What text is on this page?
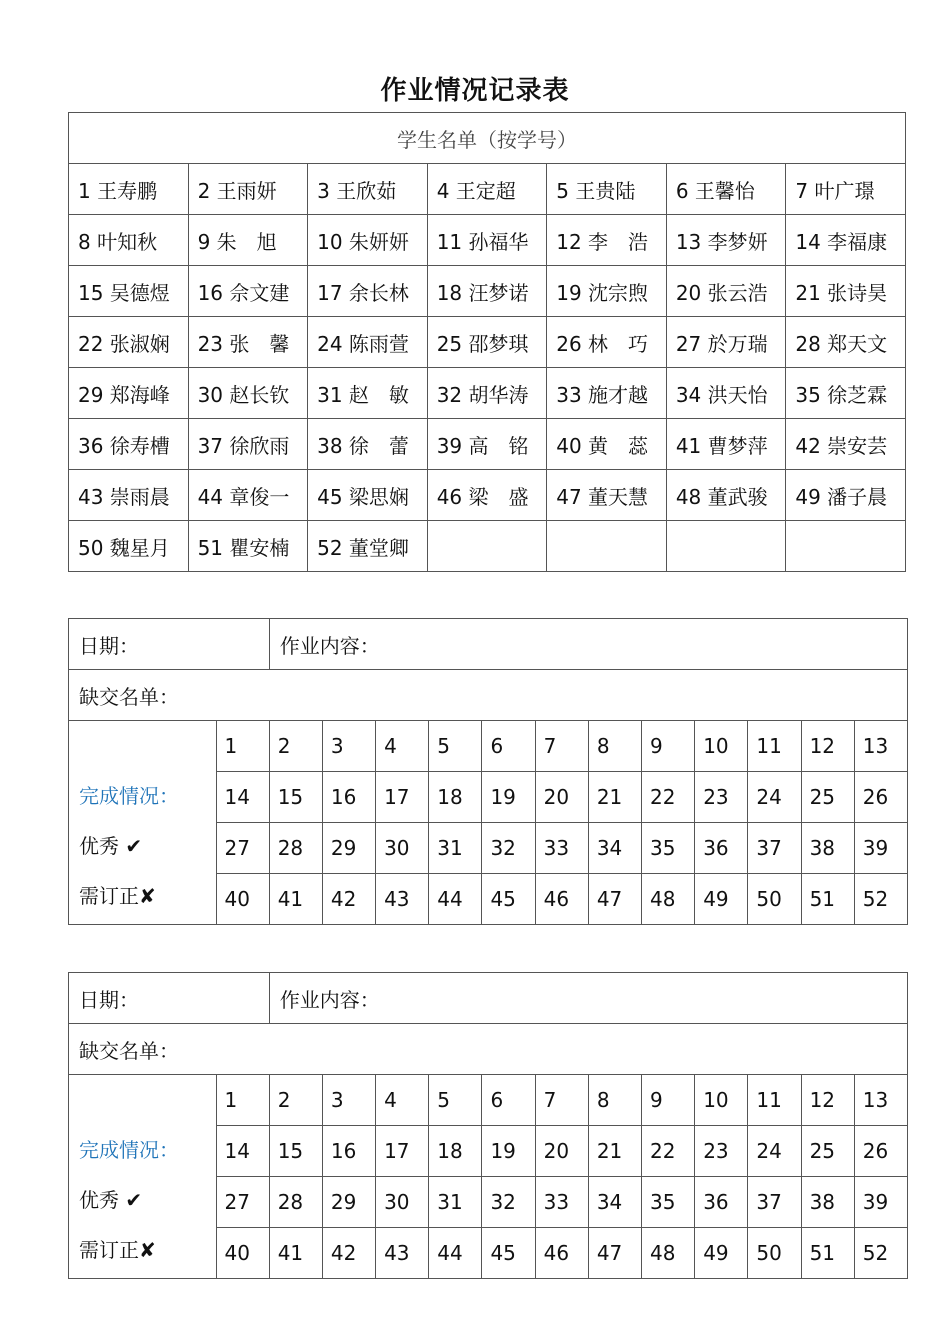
作业情况记录表
学生名单（按学号）						
1 王寿鹏	2 王雨妍	3 王欣茹	4 王定超	5 王贵陆	6 王馨怡	7 叶广璟
8 叶知秋	9 朱　旭	10 朱妍妍	11 孙福华	12 李　浩	13 李梦妍	14 李福康
15 吴德煜	16 佘文建	17 余长林	18 汪梦诺	19 沈宗煦	20 张云浩	21 张诗昊
22 张淑娴	23 张　馨	24 陈雨萱	25 邵梦琪	26 林　巧	27 於万瑞	28 郑天文
29 郑海峰	30 赵长钦	31 赵　敏	32 胡华涛	33 施才越	34 洪天怡	35 徐芝霖
36 徐寿槽	37 徐欣雨	38 徐　蕾	39 高　铭	40 黄　蕊	41 曹梦萍	42 崇安芸
43 崇雨晨	44 章俊一	45 梁思娴	46 梁　盛	47 董天慧	48 董武骏	49 潘子晨
50 魏星月	51 瞿安楠	52 董堂卿				
日期：		作业内容：											
缺交名单：													

完成情况：
优秀 ✔
需订正✘	1	2	3	4	5	6	7	8	9	10	11	12	13
	14	15	16	17	18	19	20	21	22	23	24	25	26
	27	28	29	30	31	32	33	34	35	36	37	38	39
	40	41	42	43	44	45	46	47	48	49	50	51	52
日期：		作业内容：											
缺交名单：													

完成情况：
优秀 ✔
需订正✘	1	2	3	4	5	6	7	8	9	10	11	12	13
	14	15	16	17	18	19	20	21	22	23	24	25	26
	27	28	29	30	31	32	33	34	35	36	37	38	39
	40	41	42	43	44	45	46	47	48	49	50	51	52
